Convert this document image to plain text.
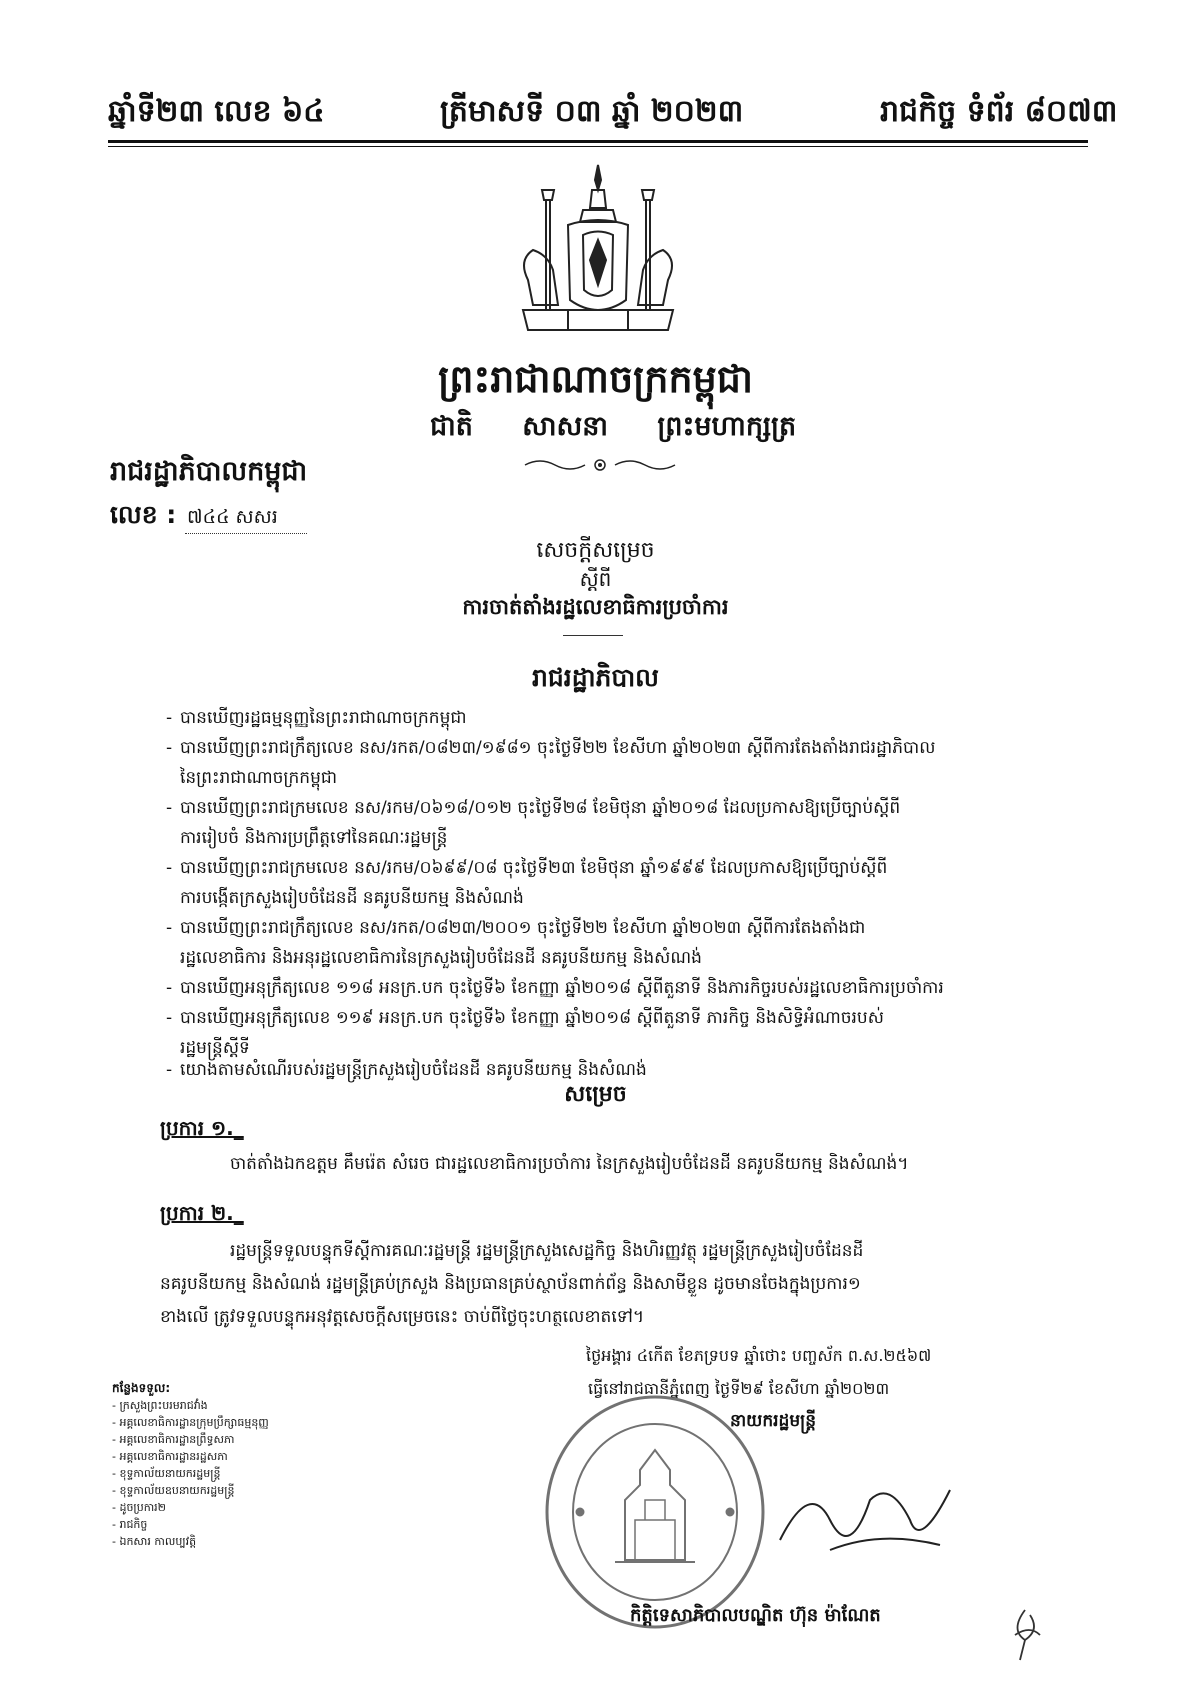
ឆ្នាំទី២៣ លេខ ៦៤	ត្រីមាសទី ០៣ ឆ្នាំ ២០២៣	រាជកិច្ច ទំព័រ ៨០៧៣
ព្រះរាជាណាចក្រកម្ពុជា
ជាតិ សាសនា ព្រះមហាក្សត្រ
រាជរដ្ឋាភិបាលកម្ពុជា
លេខ : ៧៤៤ សសរ
សេចក្តីសម្រេច
ស្តីពី
ការចាត់តាំងរដ្ឋលេខាធិការប្រចាំការ
រាជរដ្ឋាភិបាល
- បានឃើញរដ្ឋធម្មនុញ្ញនៃព្រះរាជាណាចក្រកម្ពុជា
- បានឃើញព្រះរាជក្រឹត្យលេខ នស/រកត/០៨២៣/១៩៨១ ចុះថ្ងៃទី២២ ខែសីហា ឆ្នាំ២០២៣ ស្តីពីការតែងតាំងរាជរដ្ឋាភិបាល
នៃព្រះរាជាណាចក្រកម្ពុជា
- បានឃើញព្រះរាជក្រមលេខ នស/រកម/០៦១៨/០១២ ចុះថ្ងៃទី២៨ ខែមិថុនា ឆ្នាំ២០១៨ ដែលប្រកាសឱ្យប្រើច្បាប់ស្តីពី
ការរៀបចំ និងការប្រព្រឹត្តទៅនៃគណៈរដ្ឋមន្ត្រី
- បានឃើញព្រះរាជក្រមលេខ នស/រកម/០៦៩៩/០៨ ចុះថ្ងៃទី២៣ ខែមិថុនា ឆ្នាំ១៩៩៩ ដែលប្រកាសឱ្យប្រើច្បាប់ស្តីពី
ការបង្កើតក្រសួងរៀបចំដែនដី នគរូបនីយកម្ម និងសំណង់
- បានឃើញព្រះរាជក្រឹត្យលេខ នស/រកត/០៨២៣/២០០១ ចុះថ្ងៃទី២២ ខែសីហា ឆ្នាំ២០២៣ ស្តីពីការតែងតាំងជា
រដ្ឋលេខាធិការ និងអនុរដ្ឋលេខាធិការនៃក្រសួងរៀបចំដែនដី នគរូបនីយកម្ម និងសំណង់
- បានឃើញអនុក្រឹត្យលេខ ១១៨ អនក្រ.បក ចុះថ្ងៃទី៦ ខែកញ្ញា ឆ្នាំ២០១៨ ស្តីពីតួនាទី និងភារកិច្ចរបស់រដ្ឋលេខាធិការប្រចាំការ
- បានឃើញអនុក្រឹត្យលេខ ១១៩ អនក្រ.បក ចុះថ្ងៃទី៦ ខែកញ្ញា ឆ្នាំ២០១៨ ស្តីពីតួនាទី ភារកិច្ច និងសិទ្ធិអំណាចរបស់
រដ្ឋមន្ត្រីស្តីទី
- យោងតាមសំណើរបស់រដ្ឋមន្ត្រីក្រសួងរៀបចំដែនដី នគរូបនីយកម្ម និងសំណង់
សម្រេច
ប្រការ ១._
ចាត់តាំងឯកឧត្តម គឹមរ៉េត សំរេច ជារដ្ឋលេខាធិការប្រចាំការ នៃក្រសួងរៀបចំដែនដី នគរូបនីយកម្ម និងសំណង់។
ប្រការ ២._
រដ្ឋមន្ត្រីទទួលបន្ទុកទីស្តីការគណៈរដ្ឋមន្ត្រី រដ្ឋមន្ត្រីក្រសួងសេដ្ឋកិច្ច និងហិរញ្ញវត្ថុ រដ្ឋមន្ត្រីក្រសួងរៀបចំដែនដី
នគរូបនីយកម្ម និងសំណង់ រដ្ឋមន្ត្រីគ្រប់ក្រសួង និងប្រធានគ្រប់ស្ថាប័នពាក់ព័ន្ធ និងសាមីខ្លួន ដូចមានចែងក្នុងប្រការ១
ខាងលើ ត្រូវទទួលបន្ទុកអនុវត្តសេចក្តីសម្រេចនេះ ចាប់ពីថ្ងៃចុះហត្ថលេខាតទៅ។
ថ្ងៃអង្គារ ៤កើត ខែភទ្របទ ឆ្នាំថោះ បញ្ចស័ក ព.ស.២៥៦៧
ធ្វើនៅរាជធានីភ្នំពេញ ថ្ងៃទី២៩ ខែសីហា ឆ្នាំ២០២៣
នាយករដ្ឋមន្ត្រី
កន្លែងទទួល:
- ក្រសួងព្រះបរមរាជវាំង
- អគ្គលេខាធិការដ្ឋានក្រុមប្រឹក្សាធម្មនុញ្ញ
- អគ្គលេខាធិការដ្ឋានព្រឹទ្ធសភា
- អគ្គលេខាធិការដ្ឋានរដ្ឋសភា
- ខុទ្ទកាល័យនាយករដ្ឋមន្ត្រី
- ខុទ្ទកាល័យឧបនាយករដ្ឋមន្ត្រី
- ដូចប្រការ២
- រាជកិច្ច
- ឯកសារ កាលប្បវត្តិ
កិត្តិទេសាភិបាលបណ្ឌិត ហ៊ុន ម៉ាណែត
